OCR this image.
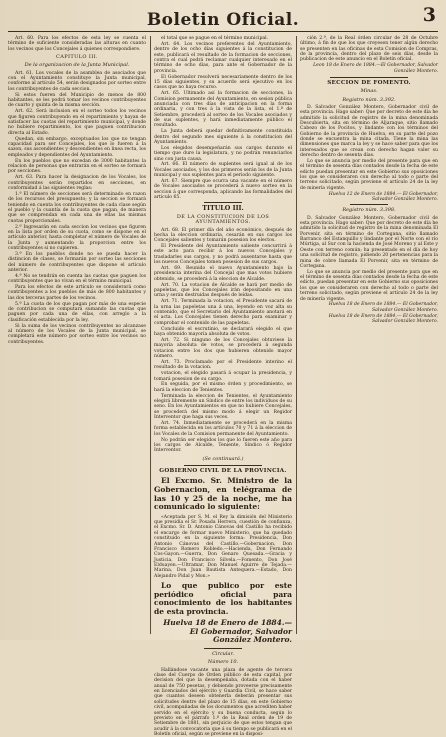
Boletin Oficial.	3

Art. 60. Para los efectos de esta ley se cuenta el término de suficiente consideradas las alturas en cuanto los vecinos que los Concejales á quienes correspondiere.

CAPITULO III.

De la organizacion de la Junta Municipal.

Art. 61. Los vocales de la asamblea de asociados que con el Ayuntamiento constituye la Junta municipal, conforme al artículo 54, serán designados por sorteo entre los contribuyentes de cada seccion.

Si estos fueren del Municipio de menos de 800 habitantes, se les podrá tomar los vecinos contribuyentes de cuarto y quinta de la misma sección.

Art. 62. Será inclusion en el sorteo todos los vecinos que figuren contribuyendo en el repartimiento y hayan de satisfacer las cuotas del repartimiento municipal, y donde no hubiere repartimiento, los que paguen contribucion directa al Estado.

Quedan, sin embargo, exceptuados los que no tengan capacidad para ser Concejales, los que lo fueren á la sazon, sus ascendientes y descendientes en linea recta, los empleados y dependientes del Ayuntamiento.

En los pueblos que no excedan de 3000 habitantes la relacion de personas que entrarán en el sorteo se formará por secciones.

Art. 63. Para hacer la designacion de los Vocales, los contribuyentes serán repartidos en secciones, en conformidad á las siguientes reglas:

1.ª El número de secciones será determinado en razon de los recursos del presupuesto; y la seccion se formará teniendo en cuenta los contribuyentes de cada clase según el pueblo y la cuantía de la cuota que pagan, de manera que se comprendan en cada una de ellas las mismas cuotas proporcionales.

2.ª Ingresarán en cada seccion los vecinos que figuren en la lista por orden de su cuota, como se dispone en el artículo anterior, hasta completar el número de Vocales de la Junta y aumentando la proporcion entre los contribuyentes si no cupieren.

3.ª En los pueblos donde no se pueda hacer la distincion de clases, se formarán por sorteo las secciones del número de contribuyentes que dispone el artículo anterior.

4.ª No se tendrán en cuenta las cuotas que paguen los contribuyentes que no vivan en el término municipal.

Para los efectos de este artículo se considerará como contribuyentes a los pueblos de más de 800 habitantes y las dos terceras partes de los vecinos.

5.ª La cuota de los que pagan por más de una especie de contribucion se computará sumando las cuotas que paguen por cada una de ellas, con arreglo a la clasificación establecida por la ley.

Si la suma de los vecinos contribuyentes no alcanzase al número de los Vocales de la Junta municipal, se completará este número por sorteo entre los vecinos no contribuyentes.

el total que se pague en el término municipal.

Art. 64. Los vecinos preferentes del Ayuntamiento, dentro de los ocho días siguientes á la constitucion de este, publicará el resultado de la formacion de secciones, contra el cual podrá reclamar cualquier interesado en el término de ocho días, para ante el Gobernador de la provincia.

El Gobernador resolverá necesariamente dentro de los 15 días siguientes, y su acuerdo será ejecutivo en los casos que no haya recurso.

Art. 65. Ultimado así la formacion de secciones, la Comision permanente del Ayuntamiento, en sesion pública anunciada con tres días de anticipacion en la forma ordinaria, y con tres á la vista de la lista, el 1.º de Setiembre, procederá al sorteo de los Vocales asociados y de sus suplentes, y hará inmediatamente público el resultado.

La Junta deberá quedar definitivamente constituida dentro del segundo mes siguiente á la constitucion del Ayuntamiento.

Los elegidos desempeñarán sus cargos durante el tiempo que dure la legislatura, y no podrán renunciarlos sino con justa causa.

Art. 66. El número de suplentes será igual al de los Vocales asociados, y los dos primeros serán los de la Junta municipal y sus suplentes para el periodo siguiente.

Art. 67. Siempre que ocurra una vacante en el número de Vocales asociados se procederá á nuevo sorteo en la seccion á que corresponda, aplicando las formalidades del artículo 65.

TITULO III.

DE LA CONSTITUCION DE LOS AYUNTAMIENTOS.

Art. 68. El primer día del año económico, después de hecha la eleccion ordinaria, cesarán en sus cargos los Concejales salientes y tomarán posesion los electos.

El Presidente del Ayuntamiento saliente concurrirá á este acto para recibir á los nuevos Concejales y trasladarles sus cargos, y no podrá ausentarse hasta que los nuevos Concejales tomen posesion de sus cargos.

Art. 69. Reunido el nuevo Ayuntamiento bajo la presidencia interina del Concejal que mas votos hubiere obtenido, se procederá á la eleccion de Alcalde.

Art. 70. La votacion de Alcalde se hará por medio de papeletas, que los Concejales irán depositando en una urna y serán destruidas después de leídas.

Art. 71. Terminada la votacion, el Presidente sacará de la urna las papeletas una á una, leyendo en voz alta su contenido, que el Secretario del Ayuntamiento anotará en el acta. Los Concejales tienen derecho para examinar y comprobar el contenido de las papeletas.

Concluido el escrutinio, se declarará elegido el que haya obtenido mayoría absoluta de votos.

Art. 72. Si ninguno de los Concejales obtuviese la mayoría absoluta de votos, se procederá á segunda votacion entre los dos que hubieren obtenido mayor número.

Art. 73. Proclamado por el Presidente interino el resultado de la votacion.

votacion, el elegido pasará á ocupar la presidencia, y tomará posesion de su cargo.

En seguida, por el mismo órden y procedimiento, se hará la eleccion de Tenientes.

Terminada la eleccion de Tenientes, el Ayuntamiento elegirá libremente un Síndico de entre los individuos de su seno. En los Ayuntamientos en que no hubiere Concejales, se procederá del mismo modo á elegir un Regidor Interventor que haga sus veces.

Art. 74. Inmediatamente se procederá en la misma forma establecida en los artículos 70 y 71 á la eleccion de los Vocales de la Comision permanente del Ayuntamiento.

No podrán ser elegidos los que lo fueren este año para los cargos de Alcalde, Teniente, Síndico ó Regidor Interventor.

(Se continuará.)

GOBIERNO CIVIL DE LA PROVINCIA.

El Excmo. Sr. Ministro de la Gobernacion, en telégrama de las 10 y 25 de la noche, me ha comunicado lo siguiente:

«Aceptada por S. M. el Rey la dimisión del Ministerio que presidía el Sr. Posada Herrera, cuestión de confianza, el Excmo. Sr. D. Antonio Cánovas del Castillo ha recibido el encargo de formar nuevo Ministerio, que ha quedado constituido en la siguiente forma: Presidencia, Don Antonio Cánovas del Castillo.—Gobernacion, Don Francisco Romero Robledo.—Hacienda, Don Fernando Cos-Gayon.—Guerra, Don Genaro Quesada.—Gracia y Justicia, Don Francisco Silvela.—Fomento, Don José Elduayen.—Ultramar, Don Manuel Aguirre de Tejada.—Marina, Don Juan Bautista Antequera.—Estado, Don Alejandro Pidal y Mon.»

Lo que publico por este periódico oficial para conocimiento de los habitantes de esta provincia.

Huelva 18 de Enero de 1884.—El Gobernador, Salvador González Montero.

Circular.

Número 10.

Hallándose vacante una plaza de agente de tercera clase del Cuerpo de Orden público de esta capital, por decision del que la desempeñaba, dotada con el haber anual de 750 pesetas, y debiendo proveerse precisamente en licenciados del ejército y Guardia Civil, se hace saber que cuantos deseen obtenerla deberán presentar sus solicitudes dentro del plazo de 15 días, en este Gobierno civil, acompañadas de los documentos que acrediten haber servido en el ejército y su buena conducta, según lo previsto en el párrafo 1.º de la Real orden de 19 de Setiembre de 1881, sin perjuicio de que estos tengan que acudir á la convocatoria que á su tiempo se publicará en el Boletín oficial, según se previene en la disposi-

ción 2.ª, de la Real órden circular de 28 de Octubre último, á fin de que los que creyesen tener algún derecho se presenten en las oficinas de esta Comision de Compras, de la provincia, dentro del plazo de seis días, desde la publicacion de este anuncio en el Boletín oficial.

Leon 18 de Enero de 1884.—El Gobernador, Salvador González Montero.

SECCION DE FOMENTO.

Minas.

Registro núm. 3.392.

D. Salvador González Montero, Gobernador civil de esta provincia. Hago saber: Que por decreto de este día he admitido la solicitud de registro de la mina denominada Descubierta, sita en término de Aljaraque, sitio llamado Cabezo de los Pocitos, y lindante con los términos del Gobierno de la provincia de Huelva, en su parte del pozo donde se encuentra la mina citada. Tiene la mina las dimensiones que marca la ley y se hace saber para que los interesados que se crean con derecho hagan valer su derecho dentro de sesenta días.

Lo que se anuncia por medio del presente para que en el término de sesenta días contados desde la fecha de este edicto puedan presentar en este Gobierno sus oposiciones los que se consideraren con derecho al todo o parte del terreno solicitado, según previene el artículo 24 de la ley de minería vigente.

Huelva 12 de Enero de 1884.— El Gobernador, Salvador González Montero.

Registro núm. 3.398.

D. Salvador González Montero, Gobernador civil de esta provincia. Hago saber: Que por decreto de este día he admitido la solicitud de registro de la mina denominada El Porvenir, sita en término de Cortegana, sitio llamado Barranco del Estanquillo y lindante por el Norte con el río Múrtiga, al Sur con la hacienda de José Moreno y al Este y Oeste con terreno común; ha presentado en el día de hoy una solicitud de registro, pidiendo 20 pertenencias para la mina de cobre llamada El Porvenir, sita en término de Cortegana.

Lo que se anuncia por medio del presente para que en el término de sesenta días contados desde la fecha de este edicto, puedan presentar en este Gobierno sus oposiciones los que se consideraren con derecho al todo o parte del terreno solicitado, según previene el artículo 24 de la ley de minería vigente.

Huelva 18 de Enero de 1884.— El Gobernador, Salvador González Montero.

Huelva 18 de Enero de 1884.— El Gobernador, Salvador González Montero.
